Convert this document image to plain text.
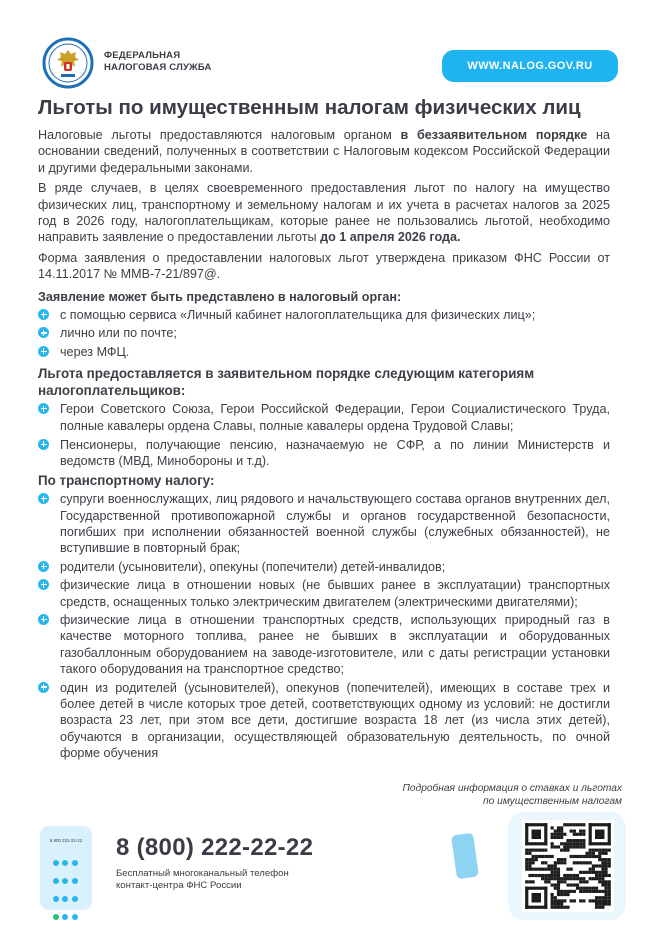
ФЕДЕРАЛЬНАЯ
НАЛОГОВАЯ СЛУЖБА	WWW.NALOG.GOV.RU
Льготы по имущественным налогам физических лиц
Налоговые льготы предоставляются налоговым органом в беззаявительном порядке на основании сведений, полученных в соответствии с Налоговым кодексом Российской Федерации и другими федеральными законами.
В ряде случаев, в целях своевременного предоставления льгот по налогу на имущество физических лиц, транспортному и земельному налогам и их учета в расчетах налогов за 2025 год в 2026 году, налогоплательщикам, которые ранее не пользовались льготой, необходимо направить заявление о предоставлении льготы до 1 апреля 2026 года.
Форма заявления о предоставлении налоговых льгот утверждена приказом ФНС России от 14.11.2017 № ММВ-7-21/897@.
Заявление может быть представлено в налоговый орган:
с помощью сервиса «Личный кабинет налогоплательщика для физических лиц»;
лично или по почте;
через МФЦ.
Льгота предоставляется в заявительном порядке следующим категориям налогоплательщиков:
Герои Советского Союза, Герои Российской Федерации, Герои Социалистического Труда, полные кавалеры ордена Славы, полные кавалеры ордена Трудовой Славы;
Пенсионеры, получающие пенсию, назначаемую не СФР, а по линии Министерств и ведомств (МВД, Минобороны и т.д).
По транспортному налогу:
супруги военнослужащих, лиц рядового и начальствующего состава органов внутренних дел, Государственной противопожарной службы и органов государственной безопасности, погибших при исполнении обязанностей военной службы (служебных обязанностей), не вступившие в повторный брак;
родители (усыновители), опекуны (попечители) детей-инвалидов;
физические лица в отношении новых (не бывших ранее в эксплуатации) транспортных средств, оснащенных только электрическим двигателем (электрическими двигателями);
физические лица в отношении транспортных средств, использующих природный газ в качестве моторного топлива, ранее не бывших в эксплуатации и оборудованных газобаллонным оборудованием на заводе-изготовителе, или с даты регистрации установки такого оборудования на транспортное средство;
один из родителей (усыновителей), опекунов (попечителей), имеющих в составе трех и более детей в числе которых трое детей, соответствующих одному из условий: не достигли возраста 23 лет, при этом все дети, достигшие возраста 18 лет (из числа этих детей), обучаются в организации, осуществляющей образовательную деятельность, по очной форме обучения
Подробная информация о ставках и льготах
по имущественным налогам
8 800 222-22-22 8 (800) 222-22-22
Бесплатный многоканальный телефон
контакт-центра ФНС России
